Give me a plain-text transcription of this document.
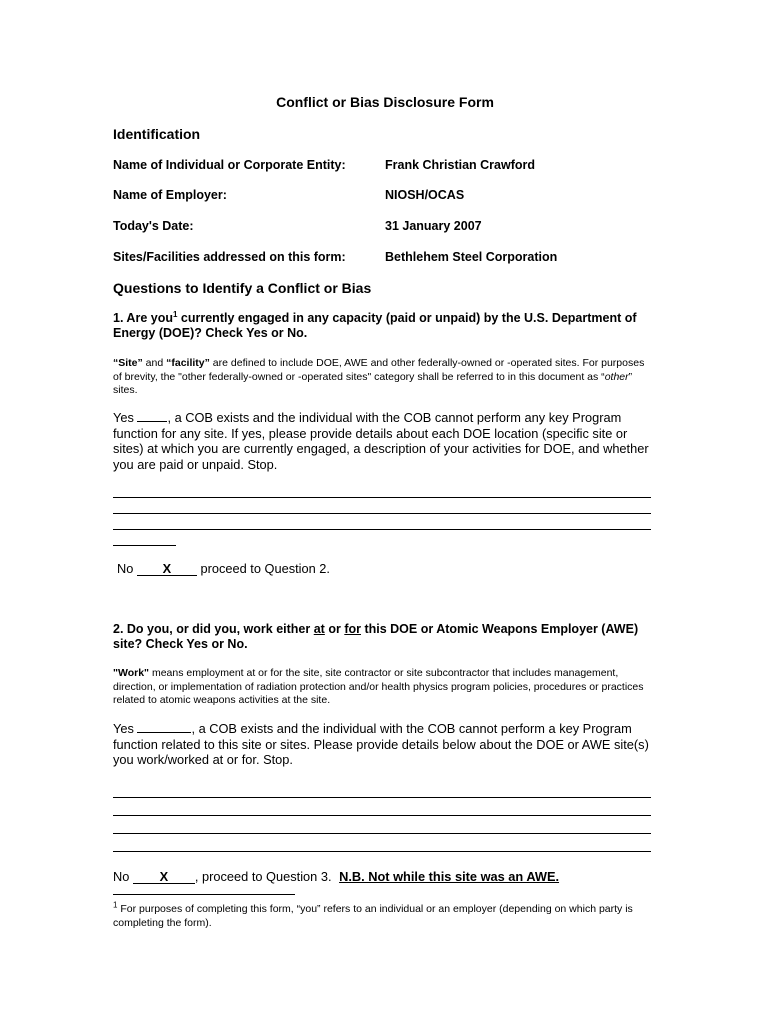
Conflict or Bias Disclosure Form
Identification
Name of Individual or Corporate Entity:	Frank Christian Crawford
Name of Employer:	NIOSH/OCAS
Today's Date:	31 January 2007
Sites/Facilities addressed on this form:	Bethlehem Steel Corporation
Questions to Identify a Conflict or Bias
1. Are you$^1$ currently engaged in any capacity (paid or unpaid) by the U.S. Department of Energy (DOE)? Check Yes or No.
“Site” and “facility” are defined to include DOE, AWE and other federally-owned or -operated sites. For purposes of brevity, the "other federally-owned or -operated sites" category shall be referred to in this document as “other” sites.
Yes	, a COB exists and the individual with the COB cannot perform any key Program function for any site. If yes, please provide details about each DOE location (specific site or sites) at which you are currently engaged, a description of your activities for DOE, and whether you are paid or unpaid. Stop.
No X proceed to Question 2.
2. Do you, or did you, work either at or for this DOE or Atomic Weapons Employer (AWE) site? Check Yes or No.
"Work" means employment at or for the site, site contractor or site subcontractor that includes management, direction, or implementation of radiation protection and/or health physics program policies, procedures or practices related to atomic weapons activities at the site.
Yes	, a COB exists and the individual with the COB cannot perform a key Program function related to this site or sites. Please provide details below about the DOE or AWE site(s) you work/worked at or for. Stop.
No X , proceed to Question 3. N.B. Not while this site was an AWE.
$^1$ For purposes of completing this form, “you” refers to an individual or an employer (depending on which party is completing the form).
